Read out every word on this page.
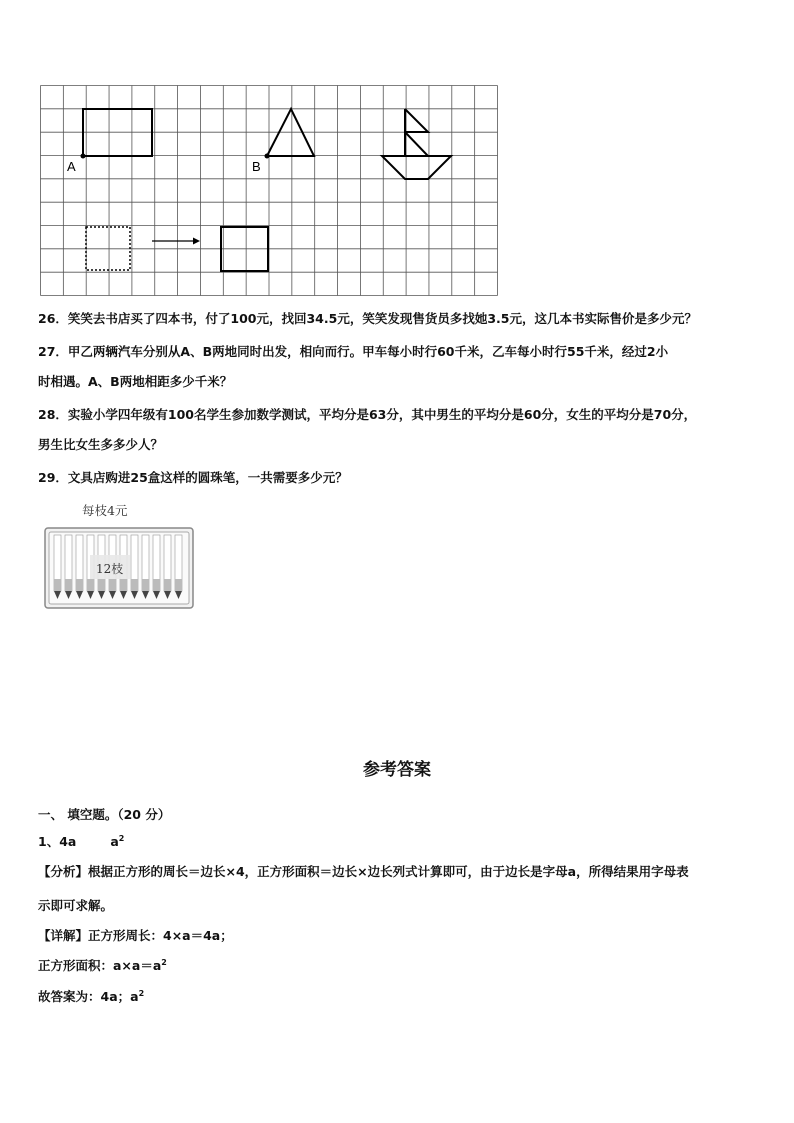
A	B
26．笑笑去书店买了四本书，付了100元，找回34.5元，笑笑发现售货员多找她3.5元，这几本书实际售价是多少元？
27．甲乙两辆汽车分别从A、B两地同时出发，相向而行。甲车每小时行60千米，乙车每小时行55千米，经过2小
时相遇。A、B两地相距多少千米？
28．实验小学四年级有100名学生参加数学测试，平均分是63分，其中男生的平均分是60分，女生的平均分是70分，
男生比女生多多少人？
29．文具店购进25盒这样的圆珠笔，一共需要多少元？
每枝4元
12枝
参考答案
一、 填空题。（20 分）
1、4a	$a^2$
【分析】根据正方形的周长＝边长×4，正方形面积＝边长×边长列式计算即可，由于边长是字母a，所得结果用字母表
示即可求解。
【详解】正方形周长：4×a＝4a；
正方形面积：$a\times a=a^2$
故答案为：4a；$a^2$
